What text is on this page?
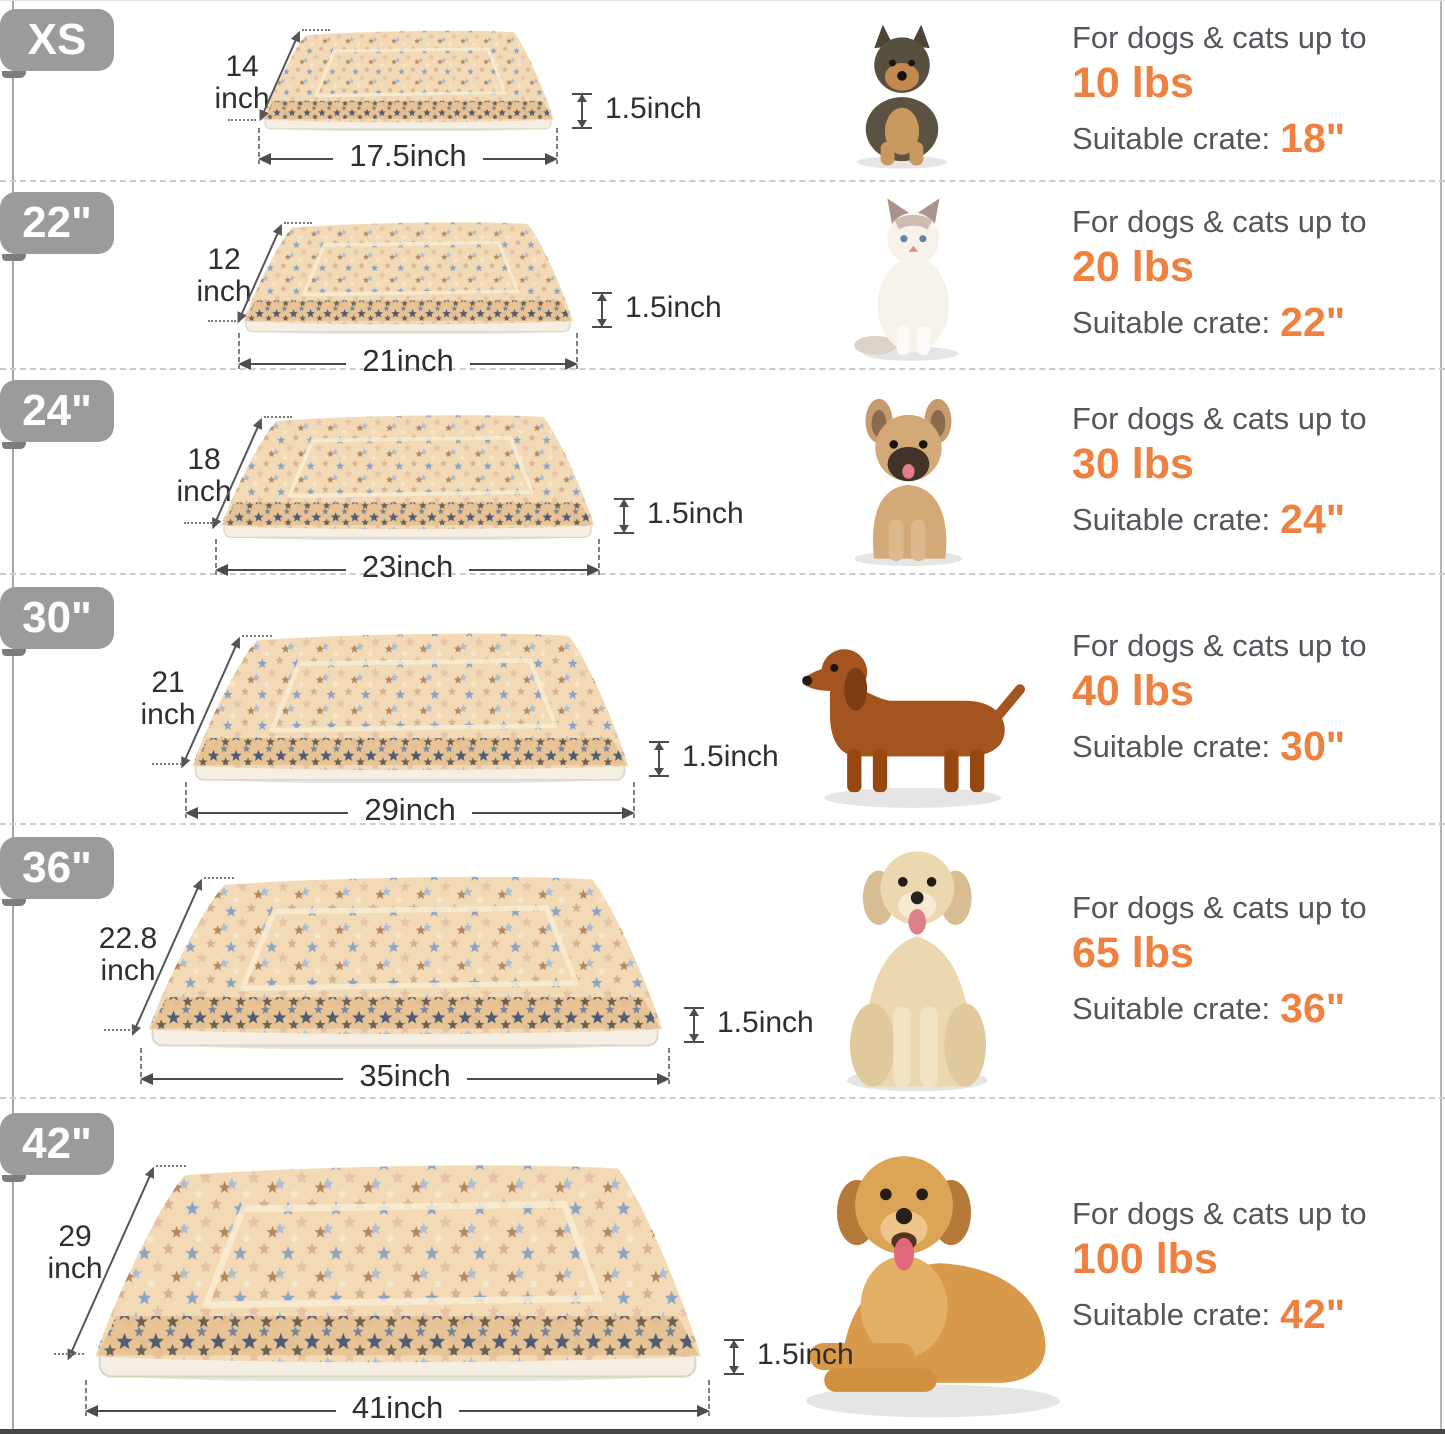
XS
14
inch
17.5inch
1.5inch
For dogs & cats up to
10 lbs
Suitable crate: 18"
22"
12
inch
21inch
1.5inch
For dogs & cats up to
20 lbs
Suitable crate: 22"
24"
18
inch
23inch
1.5inch
For dogs & cats up to
30 lbs
Suitable crate: 24"
30"
21
inch
29inch
1.5inch
For dogs & cats up to
40 lbs
Suitable crate: 30"
36"
22.8
inch
35inch
1.5inch
For dogs & cats up to
65 lbs
Suitable crate: 36"
42"
29
inch
41inch
1.5inch
For dogs & cats up to
100 lbs
Suitable crate: 42"
